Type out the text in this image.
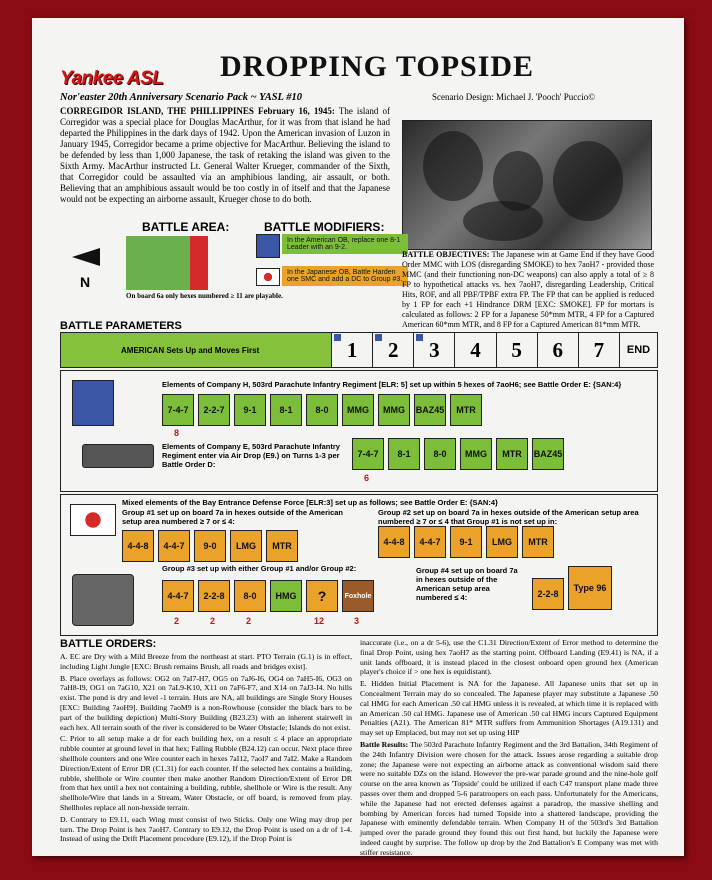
Yankee ASL DROPPING TOPSIDE
Nor'easter 20th Anniversary Scenario Pack ~ YASL #10	Scenario Design: Michael J. 'Pooch' Puccio©
CORREGIDOR ISLAND, THE PHILLIPPINES February 16, 1945: The island of Corregidor was a special place for Douglas MacArthur, for it was from that island he had departed the Philippines in the dark days of 1942. Upon the American invasion of Luzon in January 1945, Corregidor became a prime objective for MacArthur. Believing the island to be defended by less than 1,000 Japanese, the task of retaking the island was given to the Sixth Army. MacArthur instructed Lt. General Walter Krueger, commander of the Sixth, that Corregidor could be assaulted via an amphibious landing, air assault, or both. Believing that an amphibious assault would be too costly in of itself and that the Japanese would not be expecting an airborne assault, Krueger chose to do both.
BATTLE AREA:
N
On board 6a only hexes numbered ≥ 11 are playable.
BATTLE MODIFIERS:
In the American OB, replace one 8-1 Leader with an 9-2.
In the Japanese OB, Battle Harden one SMC and add a DC to Group #3.
BATTLE OBJECTIVES: The Japanese win at Game End if they have Good Order MMC with LOS (disregarding SMOKE) to hex 7aoH7 - provided those MMC (and their functioning non-DC weapons) can also apply a total of ≥ 8 FP to hypothetical attacks vs. hex 7aoH7, disregarding Leadership, Critical Hits, ROF, and all PBF/TPBF extra FP. The FP that can be applied is reduced by 1 FP for each +1 Hindrance DRM [EXC: SMOKE]. FP for mortars is calculated as follows: 2 FP for a Japanese 50*mm MTR, 4 FP for a Captured American 60*mm MTR, and 8 FP for a Captured American 81*mm MTR.
BATTLE PARAMETERS
AMERICAN Sets Up and Moves First	1 2 3 4 5 6 7	END
Elements of Company H, 503rd Parachute Infantry Regiment [ELR: 5] set up within 5 hexes of 7aoH6; see Battle Order E: {SAN:4}
7-4-7	2-2-7	9-1	8-1	8-0	MMG	MMG	BAZ45	MTR
8
Elements of Company E, 503rd Parachute Infantry Regiment enter via Air Drop (E9.) on Turns 1-3 per Battle Order D:
7-4-7	8-1	8-0	MMG	MTR	BAZ45
6
Mixed elements of the Bay Entrance Defense Force [ELR:3] set up as follows; see Battle Order E: {SAN:4}
Group #1 set up on board 7a in hexes outside of the American setup area numbered ≥ 7 or ≤ 4:
Group #2 set up on board 7a in hexes outside of the American setup area numbered ≥ 7 or ≤ 4 that Group #1 is not set up in:
4-4-8	4-4-7	9-0	LMG	MTR	4-4-8	4-4-7	9-1	LMG	MTR
Group #3 set up with either Group #1 and/or Group #2:
4-4-7	2-2-8	8-0	HMG	?	Foxhole
2	2	2	12	3
Group #4 set up on board 7a in hexes outside of the American setup area numbered ≤ 4:	2-2-8
Type 96
BATTLE ORDERS:

A. EC are Dry with a Mild Breeze from the northeast at start. PTO Terrain (G.1) is in effect, including Light Jungle [EXC: Brush remains Brush, all roads and bridges exist].

B. Place overlays as follows: OG2 on 7aI7-H7, OG5 on 7aJ6-I6, OG4 on 7aH5-I6, OG3 on 7aH8-I9, OG1 on 7aG10, X21 on 7aL9-K10, X11 on 7aF6-F7, and X14 on 7aJ3-I4. No hills exist. The pond is dry and level -1 terrain. Huts are NA, all buildings are Single Story Houses [EXC: Building 7aoH9]. Building 7aoM9 is a non-Rowhouse (consider the black bars to be part of the building depiction) Multi-Story Building (B23.23) with an inherent stairwell in each hex. All terrain south of the river is considered to be Water Obstacle; Islands do not exist.

C. Prior to all setup make a dr for each building hex, on a result ≤ 4 place an appropriate rubble counter at ground level in that hex; Falling Rubble (B24.12) can occur. Next place three shellhole counters and one Wire counter each in hexes 7aI12, 7aoI7 and 7aI2. Make a Random Direction/Extent of Error DR (C1.31) for each counter. If the selected hex contains a building, rubble, shellhole or Wire counter then make another Random Direction/Extent of Error DR from that hex until a hex not containing a building, rubble, shellhole or Wire is the result. Any shellhole/Wire that lands in a Stream, Water Obstacle, or off board, is removed from play. Shellholes replace all non-hexside terrain.

D. Contrary to E9.11, each Wing must consist of two Sticks. Only one Wing may drop per turn. The Drop Point is hex 7aoH7. Contrary to E9.12, the Drop Point is used on a dr of 1-4. Instead of using the Drift Placement procedure (E9.12), if the Drop Point is

inaccurate (i.e., on a dr 5-6), use the C1.31 Direction/Extent of Error method to determine the final Drop Point, using hex 7aoH7 as the starting point. Offboard Landing (E9.41) is NA, if a unit lands offboard, it is instead placed in the closest onboard open ground hex (American player's choice if > one hex is equidistant).

E. Hidden Initial Placement is NA for the Japanese. All Japanese units that set up in Concealment Terrain may do so concealed. The Japanese player may substitute a Japanese .50 cal HMG for each American .50 cal HMG unless it is revealed, at which time it is replaced with an American .50 cal HMG. Japanese use of American .50 cal HMG incurs Captured Equipment Penalties (A21). The American 81* MTR suffers from Ammunition Shortages (A19.131) and may set up Emplaced, but may not set up using HIP

Battle Results: The 503rd Parachute Infantry Regiment and the 3rd Battalion, 34th Regiment of the 24th Infantry Division were chosen for the attack. Issues arose regarding a suitable drop zone; the Japanese were not expecting an airborne attack as conventional wisdom said there were no suitable DZs on the island. However the pre-war parade ground and the nine-hole golf course on the area known as 'Topside' could be utilized if each C47 transport plane made three passes over them and dropped 5-6 paratroopers on each pass. Unfortunately for the Americans, while the Japanese had not erected defenses against a paradrop, the massive shelling and bombing by American forces had turned Topside into a shattered landscape, providing the Japanese with eminently defendable terrain. When Company H of the 503rd's 3rd Battalion jumped over the parade ground they found this out first hand, but luckily the Japanese were indeed caught by surprise. The follow up drop by the 2nd Battalion's E Company was met with stiffer resistance.
